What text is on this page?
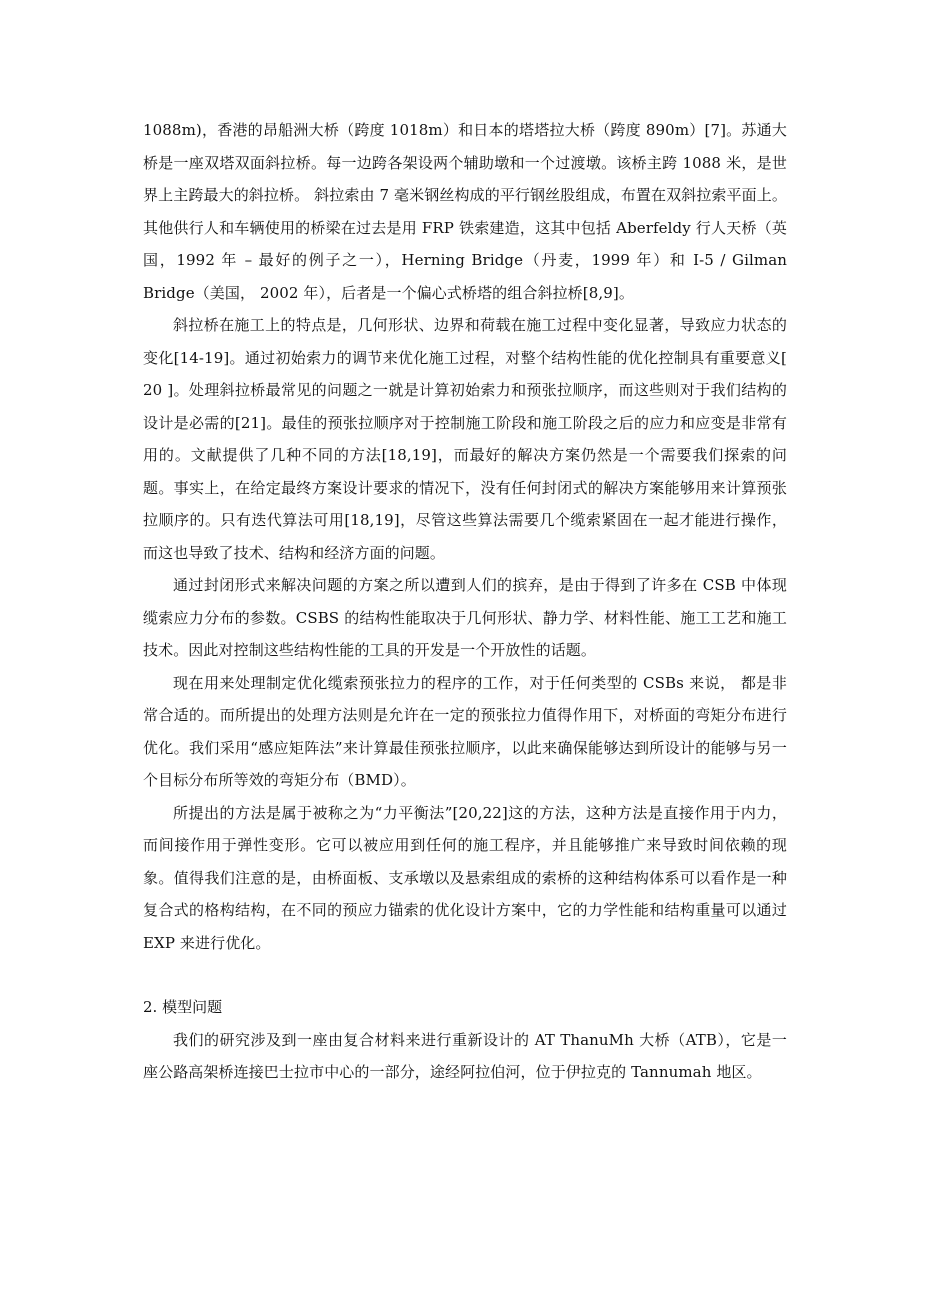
1088m)，香港的昂船洲大桥（跨度 1018m）和日本的塔塔拉大桥（跨度 890m）[7]。苏通大桥是一座双塔双面斜拉桥。每一边跨各架设两个辅助墩和一个过渡墩。该桥主跨 1088 米，是世界上主跨最大的斜拉桥。 斜拉索由 7 毫米钢丝构成的平行钢丝股组成，布置在双斜拉索平面上。 其他供行人和车辆使用的桥梁在过去是用 FRP 铁索建造，这其中包括 Aberfeldy 行人天桥（英国，1992 年 – 最好的例子之一），Herning Bridge（丹麦，1999 年）和 I-5 / Gilman Bridge（美国， 2002 年），后者是一个偏心式桥塔的组合斜拉桥[8,9]。

斜拉桥在施工上的特点是，几何形状、边界和荷载在施工过程中变化显著，导致应力状态的变化[14-19]。通过初始索力的调节来优化施工过程，对整个结构性能的优化控制具有重要意义[ 20 ]。处理斜拉桥最常见的问题之一就是计算初始索力和预张拉顺序，而这些则对于我们结构的设计是必需的[21]。最佳的预张拉顺序对于控制施工阶段和施工阶段之后的应力和应变是非常有用的。文献提供了几种不同的方法[18,19]，而最好的解决方案仍然是一个需要我们探索的问题。事实上，在给定最终方案设计要求的情况下，没有任何封闭式的解决方案能够用来计算预张拉顺序的。只有迭代算法可用[18,19]，尽管这些算法需要几个缆索紧固在一起才能进行操作，而这也导致了技术、结构和经济方面的问题。

通过封闭形式来解决问题的方案之所以遭到人们的摈弃，是由于得到了许多在 CSB 中体现缆索应力分布的参数。CSBS 的结构性能取决于几何形状、静力学、材料性能、施工工艺和施工技术。因此对控制这些结构性能的工具的开发是一个开放性的话题。

现在用来处理制定优化缆索预张拉力的程序的工作，对于任何类型的 CSBs 来说， 都是非常合适的。而所提出的处理方法则是允许在一定的预张拉力值得作用下，对桥面的弯矩分布进行优化。我们采用“感应矩阵法”来计算最佳预张拉顺序，以此来确保能够达到所设计的能够与另一个目标分布所等效的弯矩分布（BMD）。

所提出的方法是属于被称之为“力平衡法”[20,22]这的方法，这种方法是直接作用于内力，而间接作用于弹性变形。它可以被应用到任何的施工程序，并且能够推广来导致时间依赖的现象。值得我们注意的是，由桥面板、支承墩以及悬索组成的索桥的这种结构体系可以看作是一种复合式的格构结构，在不同的预应力锚索的优化设计方案中，它的力学性能和结构重量可以通过 EXP 来进行优化。

2. 模型问题

我们的研究涉及到一座由复合材料来进行重新设计的 AT ThanuMh 大桥（ATB），它是一座公路高架桥连接巴士拉市中心的一部分，途经阿拉伯河，位于伊拉克的 Tannumah 地区。
